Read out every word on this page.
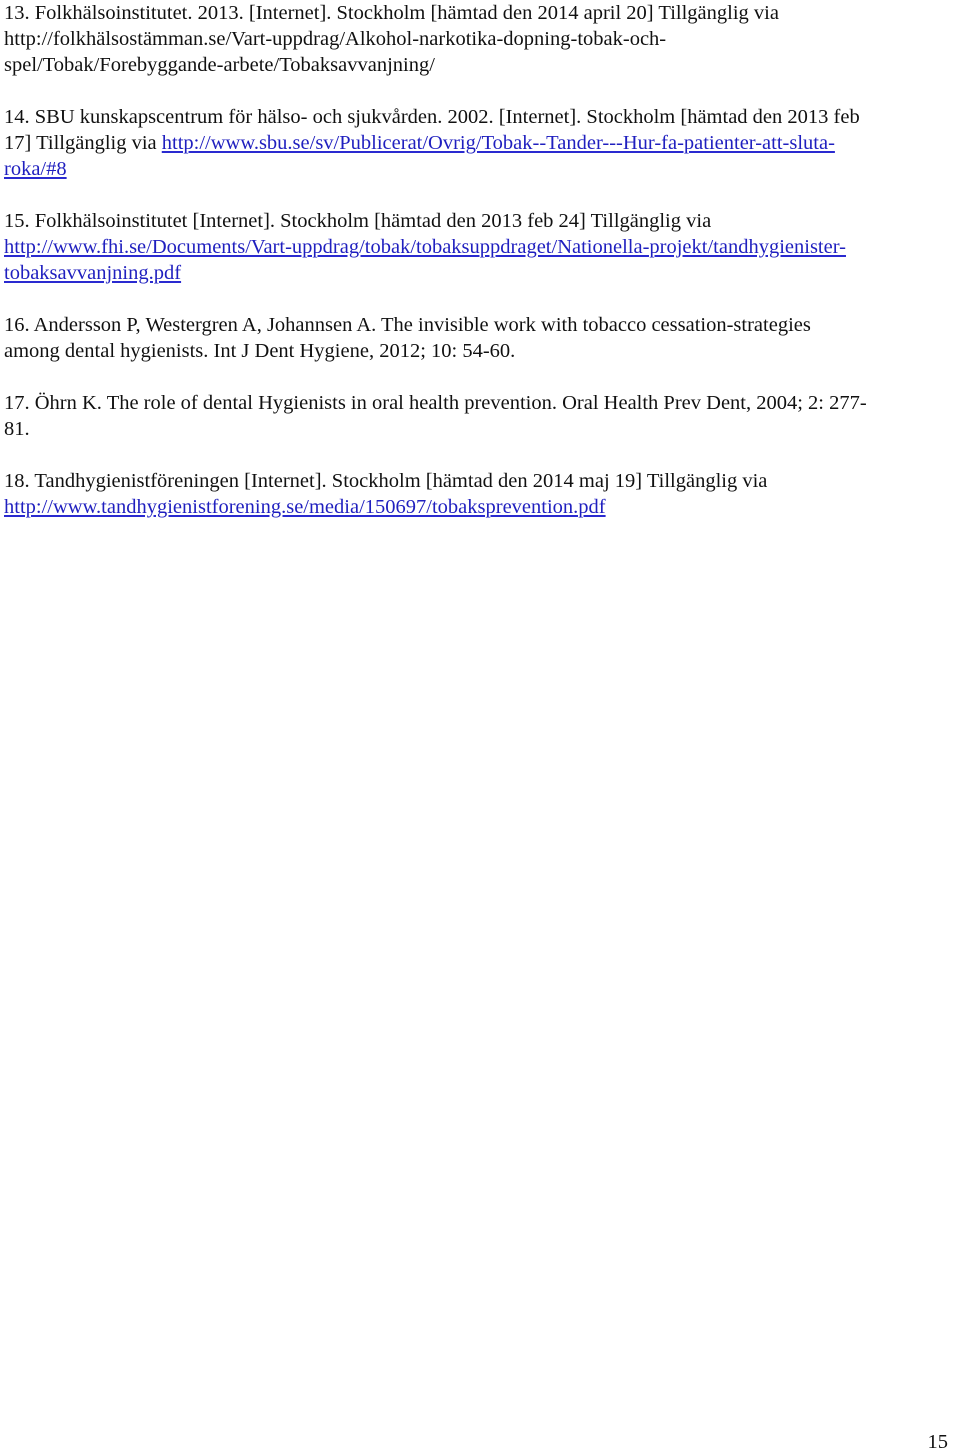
13. Folkhälsoinstitutet. 2013. [Internet]. Stockholm [hämtad den 2014 april 20] Tillgänglig via
http://folkhälsostämman.se/Vart-uppdrag/Alkohol-narkotika-dopning-tobak-och-
spel/Tobak/Forebyggande-arbete/Tobaksavvanjning/
14. SBU kunskapscentrum för hälso- och sjukvården. 2002. [Internet]. Stockholm [hämtad den 2013 feb
17] Tillgänglig via http://www.sbu.se/sv/Publicerat/Ovrig/Tobak--Tander---Hur-fa-patienter-att-sluta-
roka/#8
15. Folkhälsoinstitutet [Internet]. Stockholm [hämtad den 2013 feb 24] Tillgänglig via
http://www.fhi.se/Documents/Vart-uppdrag/tobak/tobaksuppdraget/Nationella-projekt/tandhygienister-
tobaksavvanjning.pdf
16. Andersson P, Westergren A, Johannsen A. The invisible work with tobacco cessation-strategies
among dental hygienists. Int J Dent Hygiene, 2012; 10: 54-60.
17. Öhrn K. The role of dental Hygienists in oral health prevention. Oral Health Prev Dent, 2004; 2: 277-
81.
18. Tandhygienistföreningen [Internet]. Stockholm [hämtad den 2014 maj 19] Tillgänglig via
http://www.tandhygienistforening.se/media/150697/tobaksprevention.pdf
15
